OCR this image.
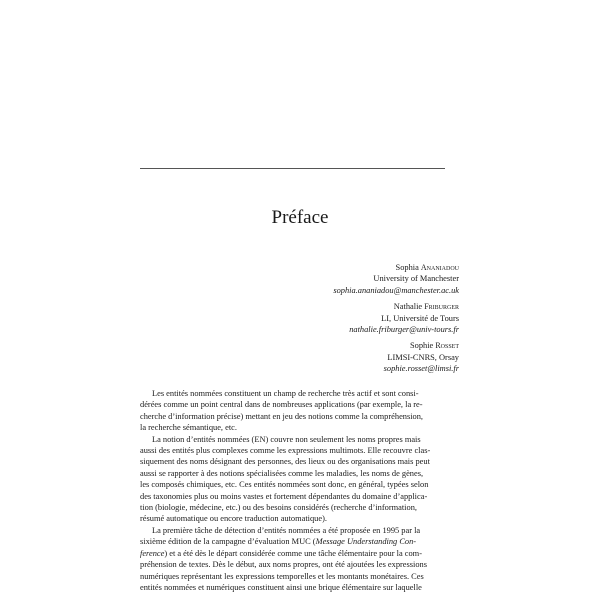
Préface
Sophia Ananiadou
University of Manchester
sophia.ananiadou@manchester.ac.uk
Nathalie Friburger
LI, Université de Tours
nathalie.friburger@univ-tours.fr
Sophie Rosset
LIMSI-CNRS, Orsay
sophie.rosset@limsi.fr

Les entités nommées constituent un champ de recherche très actif et sont consi-
dérées comme un point central dans de nombreuses applications (par exemple, la re-
cherche d’information précise) mettant en jeu des notions comme la compréhension,
la recherche sémantique, etc.

La notion d’entités nommées (EN) couvre non seulement les noms propres mais
aussi des entités plus complexes comme les expressions multimots. Elle recouvre clas-
siquement des noms désignant des personnes, des lieux ou des organisations mais peut
aussi se rapporter à des notions spécialisées comme les maladies, les noms de gènes,
les composés chimiques, etc. Ces entités nommées sont donc, en général, typées selon
des taxonomies plus ou moins vastes et fortement dépendantes du domaine d’applica-
tion (biologie, médecine, etc.) ou des besoins considérés (recherche d’information,
résumé automatique ou encore traduction automatique).

La première tâche de détection d’entités nommées a été proposée en 1995 par la
sixième édition de la campagne d’évaluation MUC (Message Understanding Con-
ference) et a été dès le départ considérée comme une tâche élémentaire pour la com-
préhension de textes. Dès le début, aux noms propres, ont été ajoutées les expressions
numériques représentant les expressions temporelles et les montants monétaires. Ces
entités nommées et numériques constituent ainsi une brique élémentaire sur laquelle
